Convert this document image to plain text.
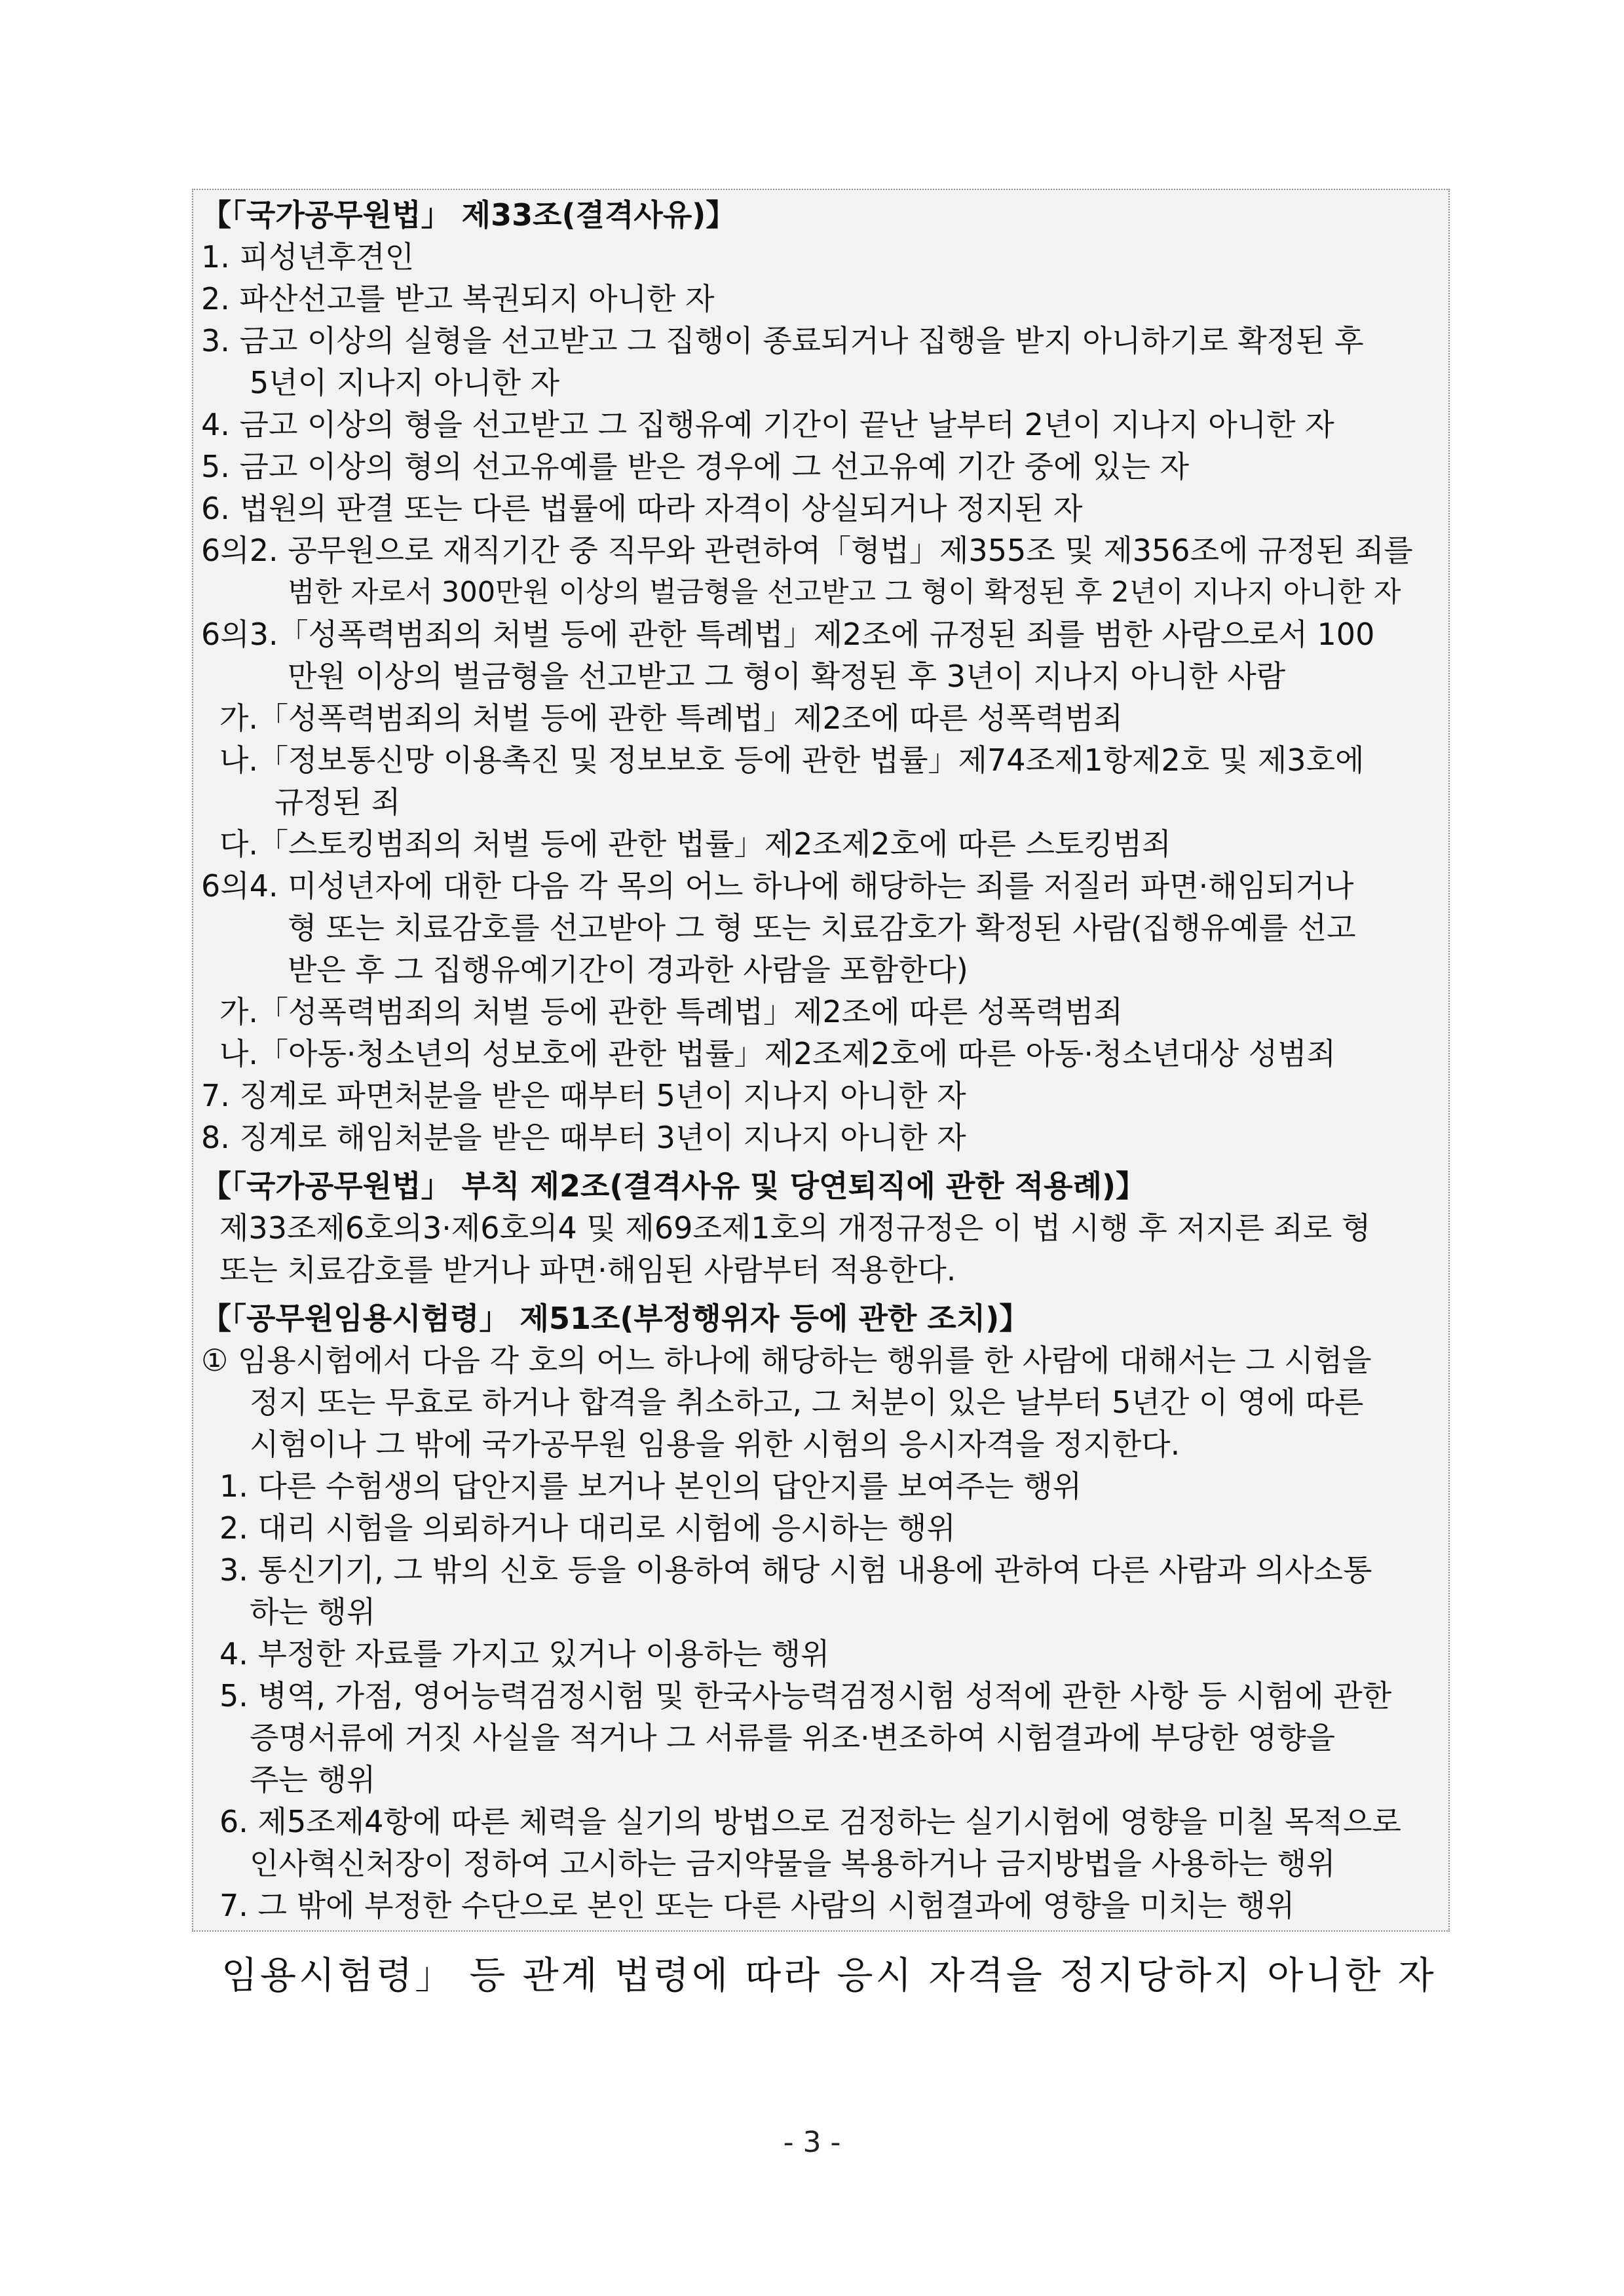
【「국가공무원법」 제33조(결격사유)】
1. 피성년후견인
2. 파산선고를 받고 복권되지 아니한 자
3. 금고 이상의 실형을 선고받고 그 집행이 종료되거나 집행을 받지 아니하기로 확정된 후
5년이 지나지 아니한 자
4. 금고 이상의 형을 선고받고 그 집행유예 기간이 끝난 날부터 2년이 지나지 아니한 자
5. 금고 이상의 형의 선고유예를 받은 경우에 그 선고유예 기간 중에 있는 자
6. 법원의 판결 또는 다른 법률에 따라 자격이 상실되거나 정지된 자
6의2. 공무원으로 재직기간 중 직무와 관련하여「형법」제355조 및 제356조에 규정된 죄를
범한 자로서 300만원 이상의 벌금형을 선고받고 그 형이 확정된 후 2년이 지나지 아니한 자
6의3.「성폭력범죄의 처벌 등에 관한 특례법」제2조에 규정된 죄를 범한 사람으로서 100
만원 이상의 벌금형을 선고받고 그 형이 확정된 후 3년이 지나지 아니한 사람
가.「성폭력범죄의 처벌 등에 관한 특례법」제2조에 따른 성폭력범죄
나.「정보통신망 이용촉진 및 정보보호 등에 관한 법률」제74조제1항제2호 및 제3호에
규정된 죄
다.「스토킹범죄의 처벌 등에 관한 법률」제2조제2호에 따른 스토킹범죄
6의4. 미성년자에 대한 다음 각 목의 어느 하나에 해당하는 죄를 저질러 파면·해임되거나
형 또는 치료감호를 선고받아 그 형 또는 치료감호가 확정된 사람(집행유예를 선고
받은 후 그 집행유예기간이 경과한 사람을 포함한다)
가.「성폭력범죄의 처벌 등에 관한 특례법」제2조에 따른 성폭력범죄
나.「아동·청소년의 성보호에 관한 법률」제2조제2호에 따른 아동·청소년대상 성범죄
7. 징계로 파면처분을 받은 때부터 5년이 지나지 아니한 자
8. 징계로 해임처분을 받은 때부터 3년이 지나지 아니한 자
【「국가공무원법」 부칙 제2조(결격사유 및 당연퇴직에 관한 적용례)】
제33조제6호의3·제6호의4 및 제69조제1호의 개정규정은 이 법 시행 후 저지른 죄로 형
또는 치료감호를 받거나 파면·해임된 사람부터 적용한다.
【「공무원임용시험령」 제51조(부정행위자 등에 관한 조치)】
① 임용시험에서 다음 각 호의 어느 하나에 해당하는 행위를 한 사람에 대해서는 그 시험을
정지 또는 무효로 하거나 합격을 취소하고, 그 처분이 있은 날부터 5년간 이 영에 따른
시험이나 그 밖에 국가공무원 임용을 위한 시험의 응시자격을 정지한다.
1. 다른 수험생의 답안지를 보거나 본인의 답안지를 보여주는 행위
2. 대리 시험을 의뢰하거나 대리로 시험에 응시하는 행위
3. 통신기기, 그 밖의 신호 등을 이용하여 해당 시험 내용에 관하여 다른 사람과 의사소통
하는 행위
4. 부정한 자료를 가지고 있거나 이용하는 행위
5. 병역, 가점, 영어능력검정시험 및 한국사능력검정시험 성적에 관한 사항 등 시험에 관한
증명서류에 거짓 사실을 적거나 그 서류를 위조·변조하여 시험결과에 부당한 영향을
주는 행위
6. 제5조제4항에 따른 체력을 실기의 방법으로 검정하는 실기시험에 영향을 미칠 목적으로
인사혁신처장이 정하여 고시하는 금지약물을 복용하거나 금지방법을 사용하는 행위
7. 그 밖에 부정한 수단으로 본인 또는 다른 사람의 시험결과에 영향을 미치는 행위
임용시험령」 등 관계 법령에 따라 응시 자격을 정지당하지 아니한 자
- 3 -
